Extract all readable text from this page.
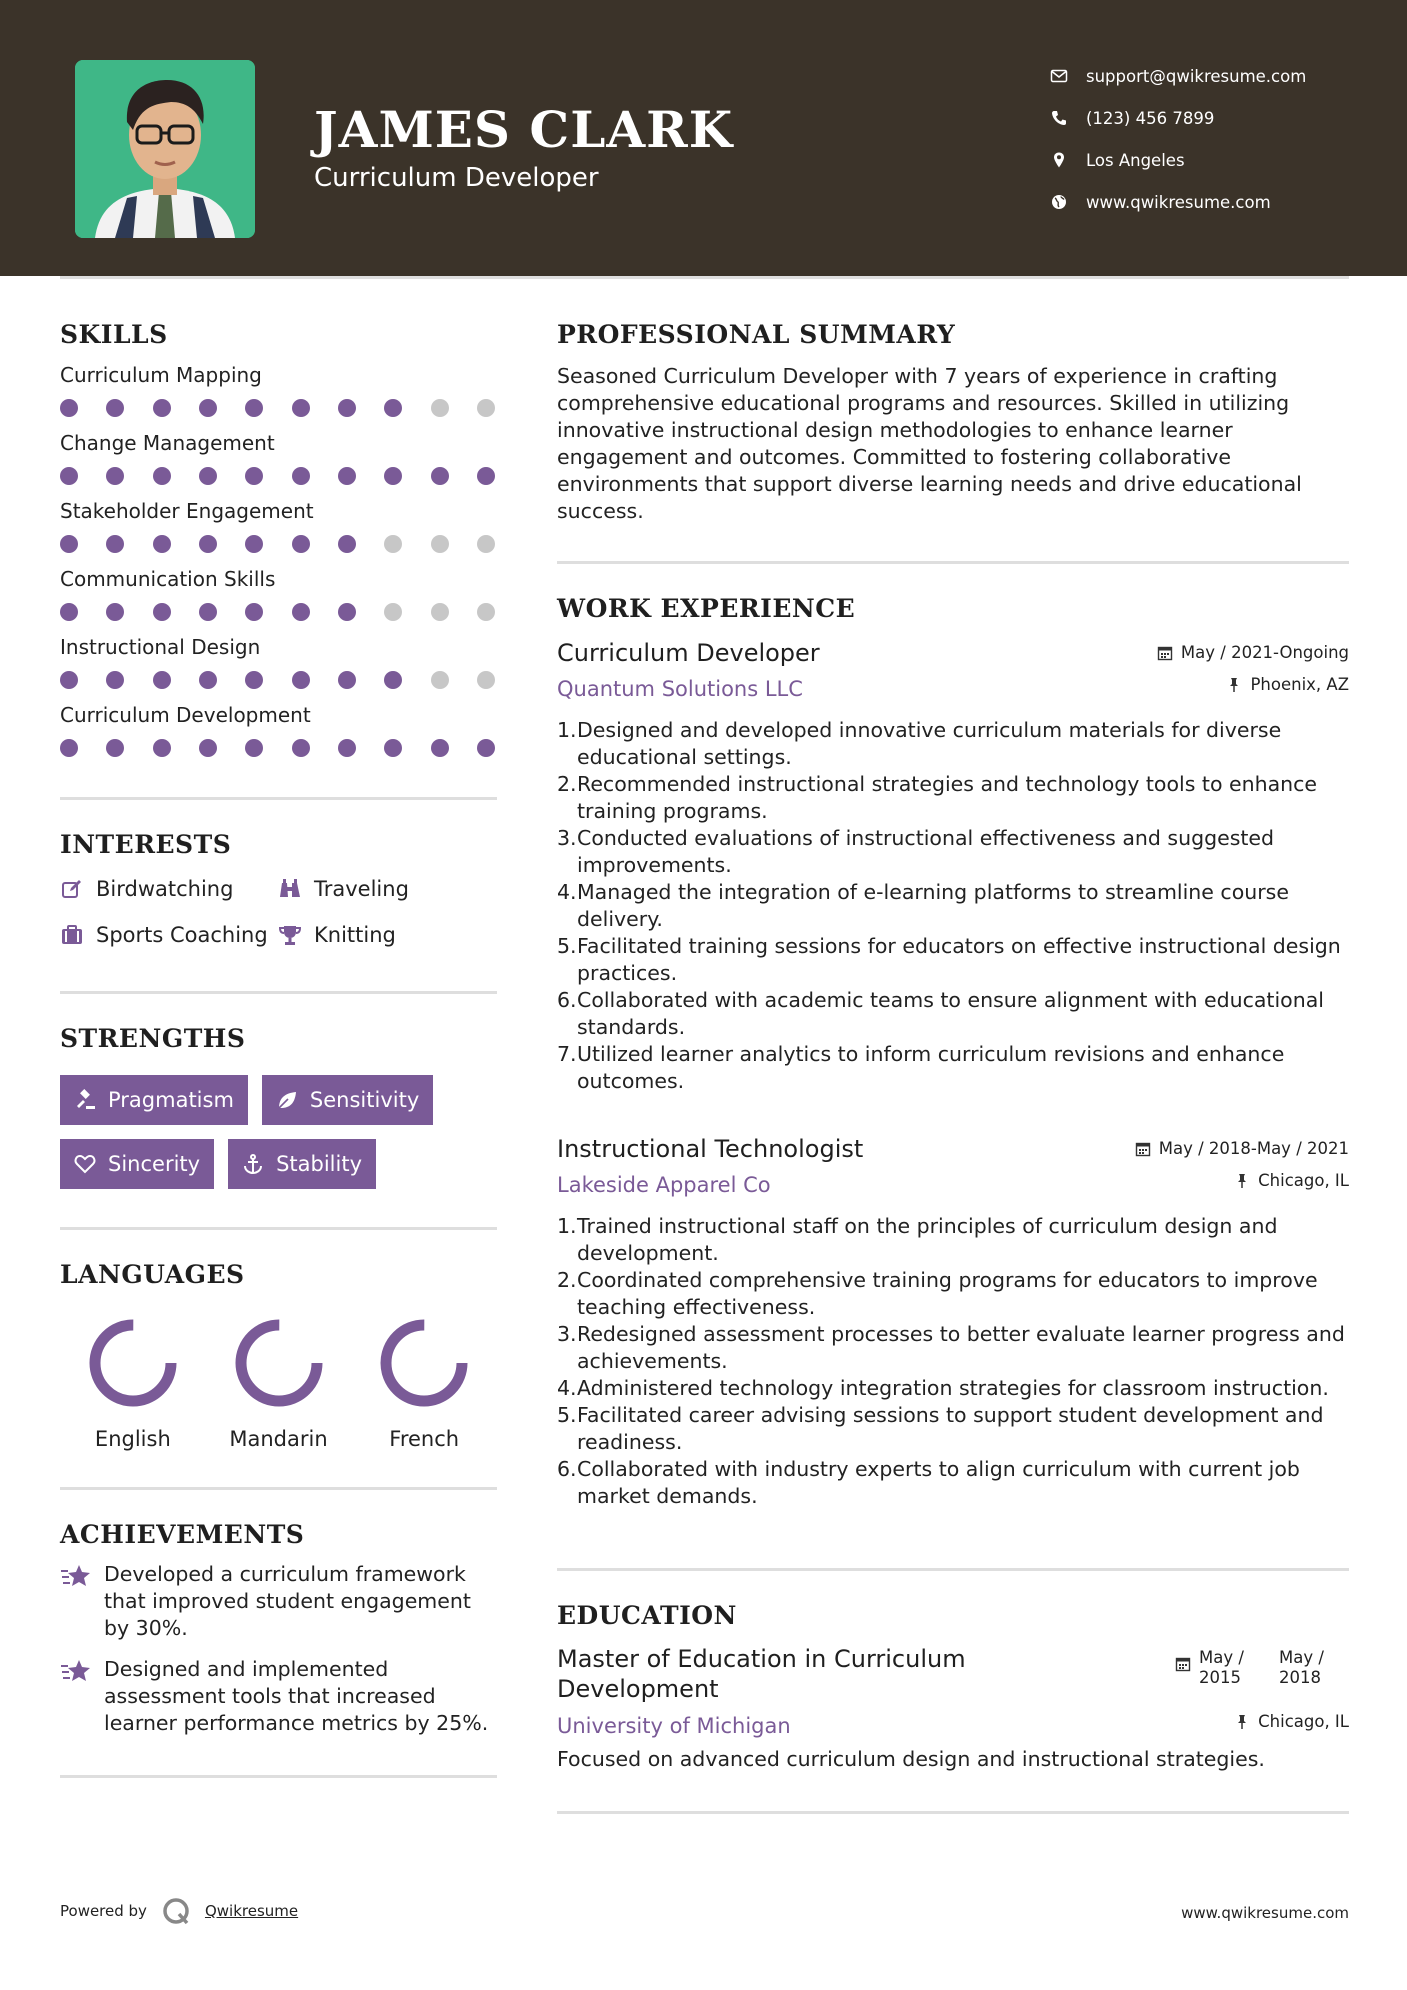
JAMES CLARK
Curriculum Developer
support@qwikresume.com
(123) 456 7899
Los Angeles
www.qwikresume.com
SKILLS
Curriculum Mapping
Change Management
Stakeholder Engagement
Communication Skills
Instructional Design
Curriculum Development
INTERESTS
Birdwatching	Traveling
Sports Coaching Knitting
STRENGTHS
Pragmatism	Sensitivity
Sincerity	Stability
LANGUAGES
English	Mandarin	French
ACHIEVEMENTS
Developed a curriculum framework that improved student engagement by 30%.
Designed and implemented assessment tools that increased learner performance metrics by 25%.
PROFESSIONAL SUMMARY
Seasoned Curriculum Developer with 7 years of experience in crafting comprehensive educational programs and resources. Skilled in utilizing innovative instructional design methodologies to enhance learner engagement and outcomes. Committed to fostering collaborative environments that support diverse learning needs and drive educational success.
WORK EXPERIENCE
May / 2021-Ongoing
Phoenix, AZ
Curriculum Developer
Quantum Solutions LLC
1. Designed and developed innovative curriculum materials for diverse educational settings.
2. Recommended instructional strategies and technology tools to enhance training programs.
3. Conducted evaluations of instructional effectiveness and suggested improvements.
4. Managed the integration of e-learning platforms to streamline course delivery.
5. Facilitated training sessions for educators on effective instructional design practices.
6. Collaborated with academic teams to ensure alignment with educational standards.
7. Utilized learner analytics to inform curriculum revisions and enhance outcomes.
May / 2018-May / 2021
Chicago, IL
Instructional Technologist
Lakeside Apparel Co
1. Trained instructional staff on the principles of curriculum design and development.
2. Coordinated comprehensive training programs for educators to improve teaching effectiveness.
3. Redesigned assessment processes to better evaluate learner progress and achievements.
4. Administered technology integration strategies for classroom instruction.
5. Facilitated career advising sessions to support student development and readiness.
6. Collaborated with industry experts to align curriculum with current job market demands.
EDUCATION
May / 2015
May / 2018
Chicago, IL
Master of Education in Curriculum Development
University of Michigan
Focused on advanced curriculum design and instructional strategies.
Powered by	Qwikresume	www.qwikresume.com
